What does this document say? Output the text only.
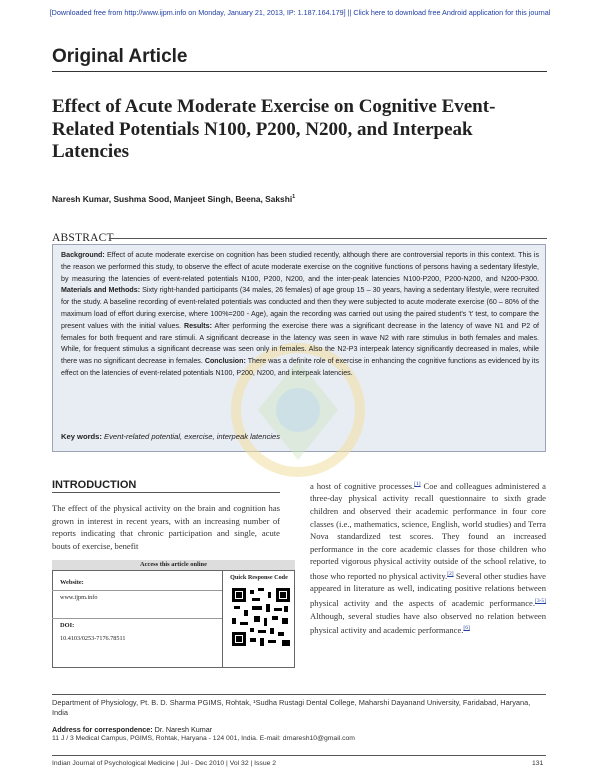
[Downloaded free from http://www.ijpm.info on Monday, January 21, 2013, IP: 1.187.164.179] || Click here to download free Android application for this journal
Original Article
Effect of Acute Moderate Exercise on Cognitive Event-Related Potentials N100, P200, N200, and Interpeak Latencies
Naresh Kumar, Sushma Sood, Manjeet Singh, Beena, Sakshi$^1$
ABSTRACT
Background: Effect of acute moderate exercise on cognition has been studied recently, although there are controversial reports in this context. This is the reason we performed this study, to observe the effect of acute moderate exercise on the cognitive functions of persons having a sedentary lifestyle, by measuring the latencies of event-related potentials N100, P200, N200, and the inter-peak latencies N100-P200, P200-N200, and N200-P300. Materials and Methods: Sixty right-handed participants (34 males, 26 females) of age group 15 – 30 years, having a sedentary lifestyle, were recruited for the study. A baseline recording of event-related potentials was conducted and then they were subjected to acute moderate exercise (60 – 80% of the maximum load of effort during exercise, where 100%=200 - Age), again the recording was carried out using the paired student's 't' test, to compare the present values with the initial values. Results: After performing the exercise there was a significant decrease in the latency of wave N1 and P2 of females for both frequent and rare stimuli. A significant decrease in the latency was seen in wave N2 with rare stimulus in both females and males. While, for frequent stimulus a significant decrease was seen only in females. Also the N2-P3 interpeak latency significantly decreased in males, while there was no significant decrease in females. Conclusion: There was a definite role of exercise in enhancing the cognitive functions as evidenced by its effect on the latencies of event-related potentials N100, P200, N200, and interpeak latencies.
Key words: Event-related potential, exercise, interpeak latencies
INTRODUCTION
The effect of the physical activity on the brain and cognition has grown in interest in recent years, with an increasing number of reports indicating that chronic participation and single, acute bouts of exercise, benefit
a host of cognitive processes.[1] Coe and colleagues administered a three-day physical activity recall questionnaire to sixth grade children and observed their academic performance in four core classes (i.e., mathematics, science, English, world studies) and Terra Nova standardized test scores. They found an increased performance in the core academic classes for those children who reported vigorous physical activity outside of the school relative, to those who reported no physical activity.[2] Several other studies have appeared in literature as well, indicating positive relations between physical activity and the aspects of academic performance.[3-5] Although, several studies have also observed no relation between physical activity and academic performance.[6]
Access this article online
Website:
www.ijpm.info
DOI:
10.4103/0253-7176.78511
Quick Response Code
Department of Physiology, Pt. B. D. Sharma PGIMS, Rohtak, ¹Sudha Rustagi Dental College, Maharshi Dayanand University, Faridabad, Haryana, India
Address for correspondence: Dr. Naresh Kumar
11 J / 3 Medical Campus, PGIMS, Rohtak, Haryana - 124 001, India. E-mail: drnaresh10@gmail.com
Indian Journal of Psychological Medicine | Jul - Dec 2010 | Vol 32 | Issue 2	131
